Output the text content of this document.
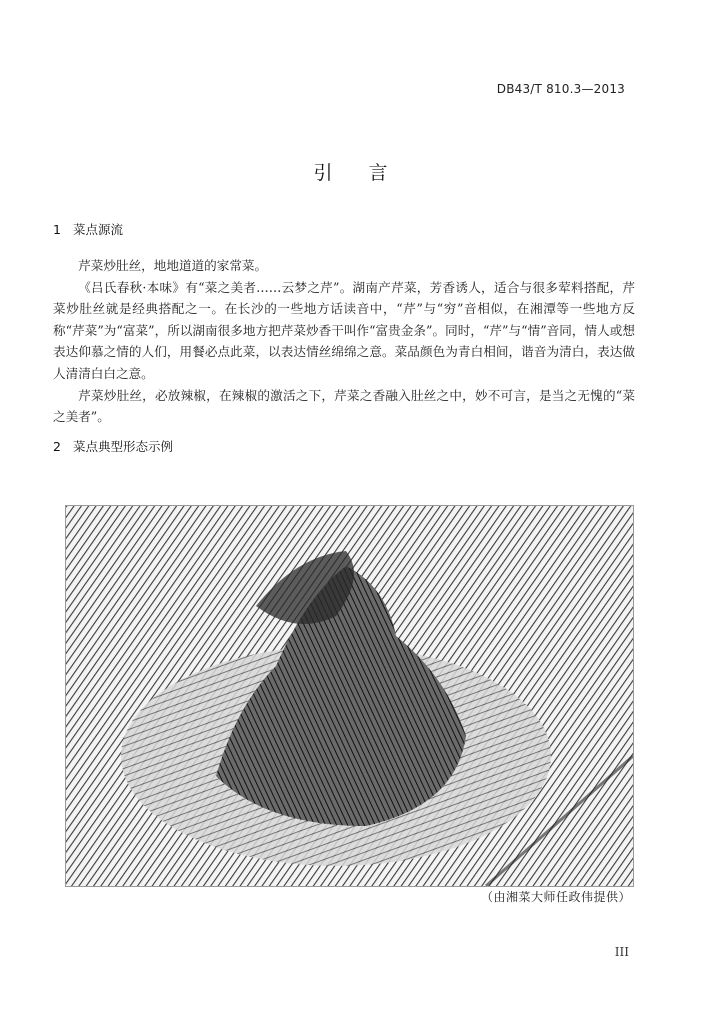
DB43/T 810.3—2013
引言
1 菜点源流

芹菜炒肚丝，地地道道的家常菜。

《吕氏春秋·本味》有“菜之美者……云梦之芹”。湖南产芹菜，芳香诱人，适合与很多荤料搭配，芹菜炒肚丝就是经典搭配之一。在长沙的一些地方话读音中，“芹”与“穷”音相似，在湘潭等一些地方反称“芹菜”为“富菜”，所以湖南很多地方把芹菜炒香干叫作“富贵金条”。同时，“芹”与“情”音同，情人或想表达仰慕之情的人们，用餐必点此菜，以表达情丝绵绵之意。菜品颜色为青白相间，谐音为清白，表达做人清清白白之意。

芹菜炒肚丝，必放辣椒，在辣椒的激活之下，芹菜之香融入肚丝之中，妙不可言，是当之无愧的“菜之美者”。

2 菜点典型形态示例
（由湘菜大师任政伟提供）
III
